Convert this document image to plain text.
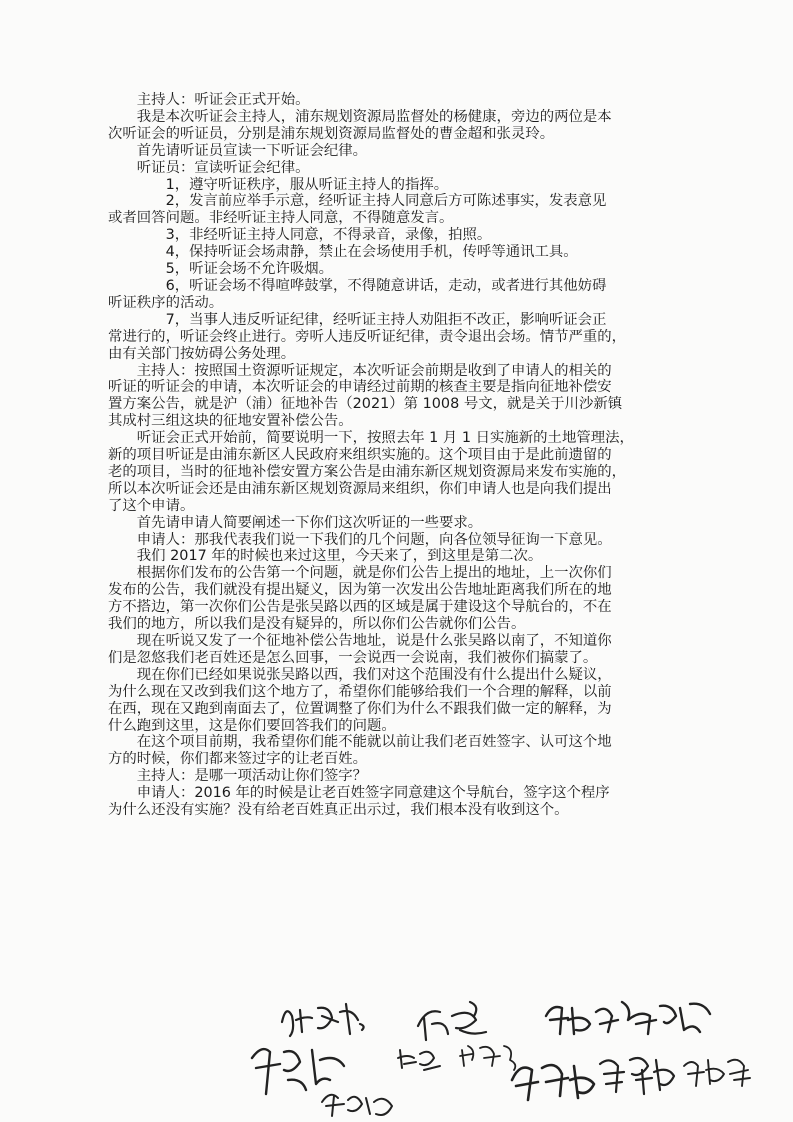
　　主持人：听证会正式开始。
　　我是本次听证会主持人，浦东规划资源局监督处的杨健康，旁边的两位是本
次听证会的听证员，分别是浦东规划资源局监督处的曹金超和张灵玲。
　　首先请听证员宣读一下听证会纪律。
　　听证员：宣读听证会纪律。
　　　　1，遵守听证秩序，服从听证主持人的指挥。
　　　　2，发言前应举手示意，经听证主持人同意后方可陈述事实，发表意见
或者回答问题。非经听证主持人同意，不得随意发言。
　　　　3，非经听证主持人同意，不得录音，录像，拍照。
　　　　4，保持听证会场肃静，禁止在会场使用手机，传呼等通讯工具。
　　　　5，听证会场不允许吸烟。
　　　　6，听证会场不得喧哗鼓掌，不得随意讲话，走动，或者进行其他妨碍
听证秩序的活动。
　　　　7，当事人违反听证纪律，经听证主持人劝阻拒不改正，影响听证会正
常进行的，听证会终止进行。旁听人违反听证纪律，责令退出会场。情节严重的，
由有关部门按妨碍公务处理。
　　主持人：按照国土资源听证规定，本次听证会前期是收到了申请人的相关的
听证的听证会的申请，本次听证会的申请经过前期的核查主要是指向征地补偿安
置方案公告，就是沪（浦）征地补告（2021）第 1008 号文，就是关于川沙新镇
其成村三组这块的征地安置补偿公告。
　　听证会正式开始前，简要说明一下，按照去年 1 月 1 日实施新的土地管理法，
新的项目听证是由浦东新区人民政府来组织实施的。这个项目由于是此前遗留的
老的项目，当时的征地补偿安置方案公告是由浦东新区规划资源局来发布实施的，
所以本次听证会还是由浦东新区规划资源局来组织，你们申请人也是向我们提出
了这个申请。
　　首先请申请人简要阐述一下你们这次听证的一些要求。
　　申请人：那我代表我们说一下我们的几个问题，向各位领导征询一下意见。
　　我们 2017 年的时候也来过这里，今天来了，到这里是第二次。
　　根据你们发布的公告第一个问题，就是你们公告上提出的地址，上一次你们
发布的公告，我们就没有提出疑义，因为第一次发出公告地址距离我们所在的地
方不搭边，第一次你们公告是张吴路以西的区域是属于建设这个导航台的，不在
我们的地方，所以我们是没有疑异的，所以你们公告就你们公告。
　　现在听说又发了一个征地补偿公告地址，说是什么张吴路以南了，不知道你
们是忽悠我们老百姓还是怎么回事，一会说西一会说南，我们被你们搞蒙了。
　　现在你们已经如果说张吴路以西，我们对这个范围没有什么提出什么疑议，
为什么现在又改到我们这个地方了，希望你们能够给我们一个合理的解释，以前
在西，现在又跑到南面去了，位置调整了你们为什么不跟我们做一定的解释，为
什么跑到这里，这是你们要回答我们的问题。
　　在这个项目前期，我希望你们能不能就以前让我们老百姓签字、认可这个地
方的时候，你们都来签过字的让老百姓。
　　主持人：是哪一项活动让你们签字？
　　申请人：2016 年的时候是让老百姓签字同意建这个导航台，签字这个程序
为什么还没有实施？没有给老百姓真正出示过，我们根本没有收到这个。
